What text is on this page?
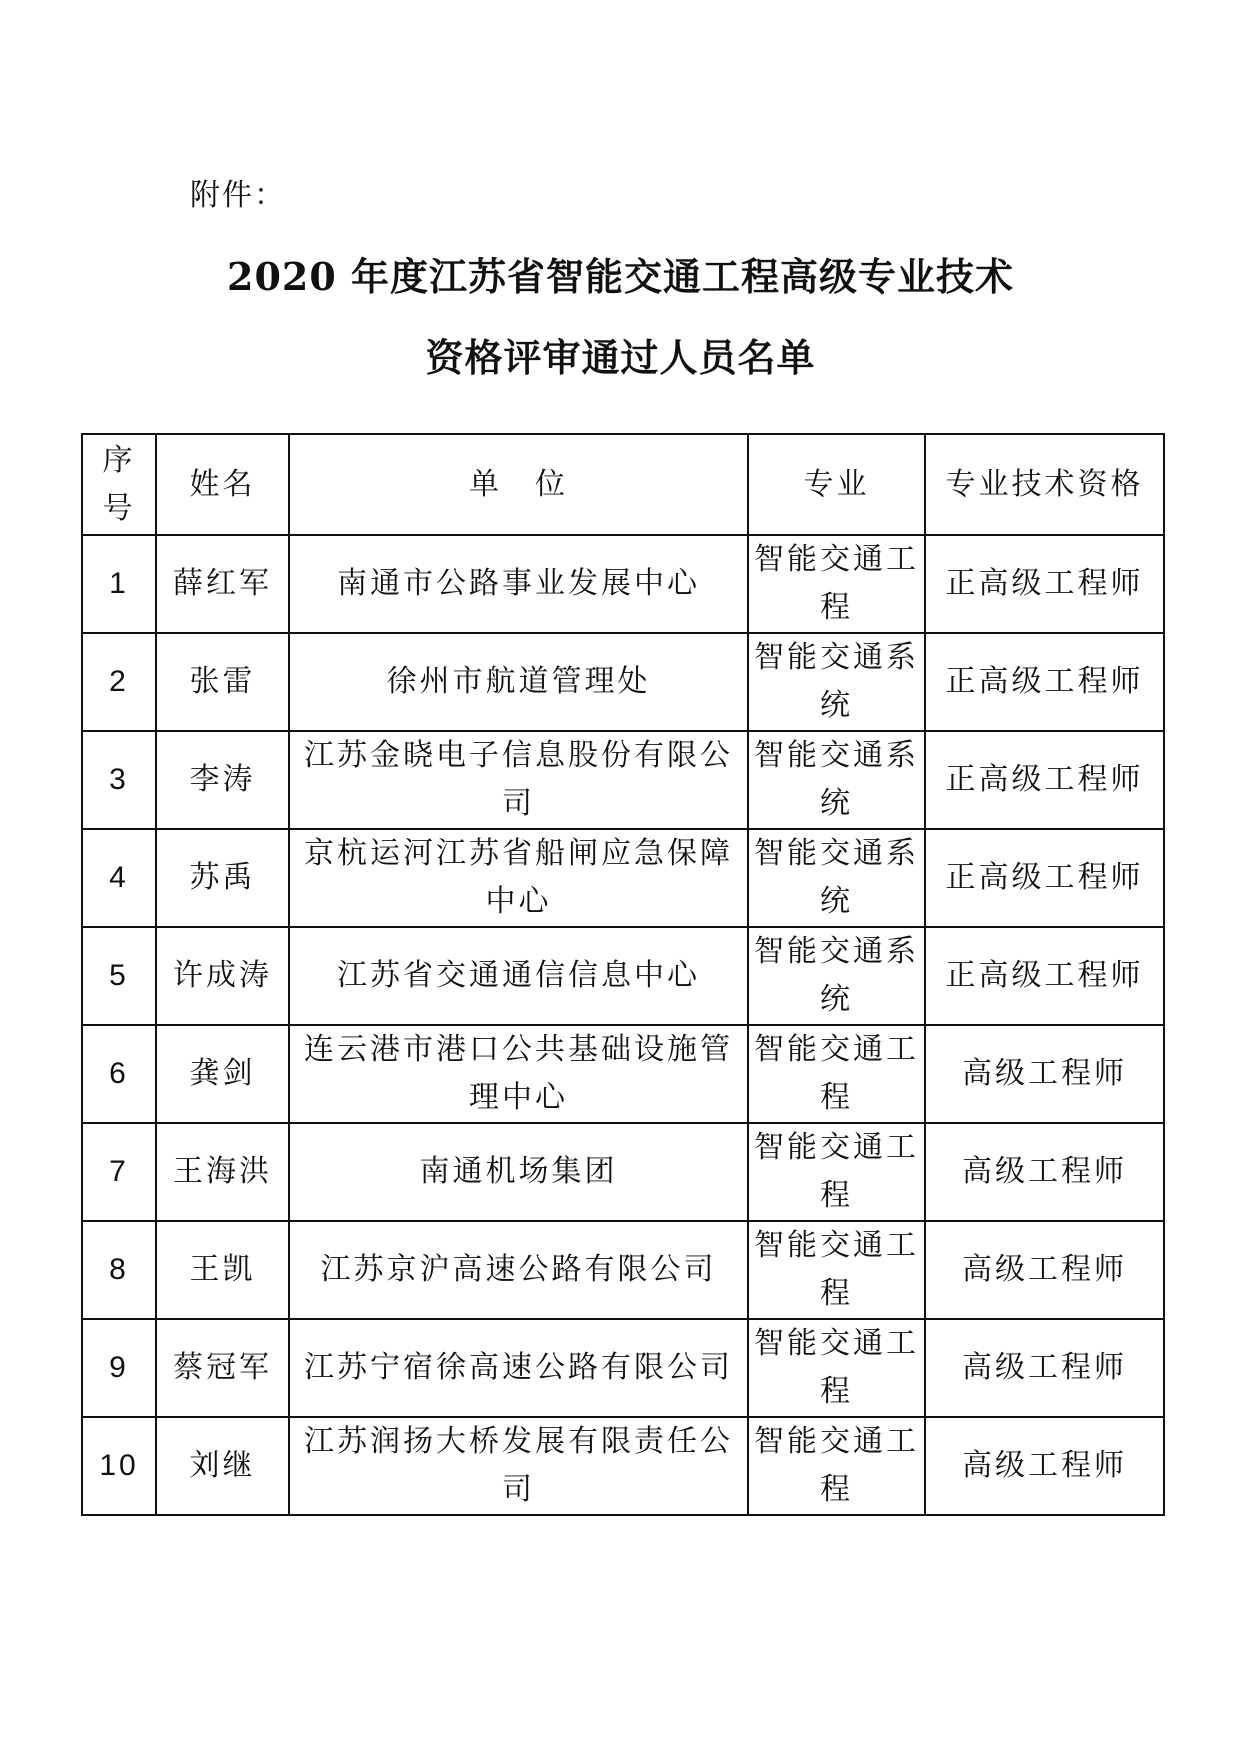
附件：
2020 年度江苏省智能交通工程高级专业技术
资格评审通过人员名单
序号	姓名	单　位	专业	专业技术资格
1	薛红军	南通市公路事业发展中心	智能交通工程	正高级工程师
2	张雷	徐州市航道管理处	智能交通系统	正高级工程师
3	李涛	江苏金晓电子信息股份有限公司	智能交通系统	正高级工程师
4	苏禹	京杭运河江苏省船闸应急保障中心	智能交通系统	正高级工程师
5	许成涛	江苏省交通通信信息中心	智能交通系统	正高级工程师
6	龚剑	连云港市港口公共基础设施管理中心	智能交通工程	高级工程师
7	王海洪	南通机场集团	智能交通工程	高级工程师
8	王凯	江苏京沪高速公路有限公司	智能交通工程	高级工程师
9	蔡冠军	江苏宁宿徐高速公路有限公司	智能交通工程	高级工程师
10	刘继	江苏润扬大桥发展有限责任公司	智能交通工程	高级工程师
